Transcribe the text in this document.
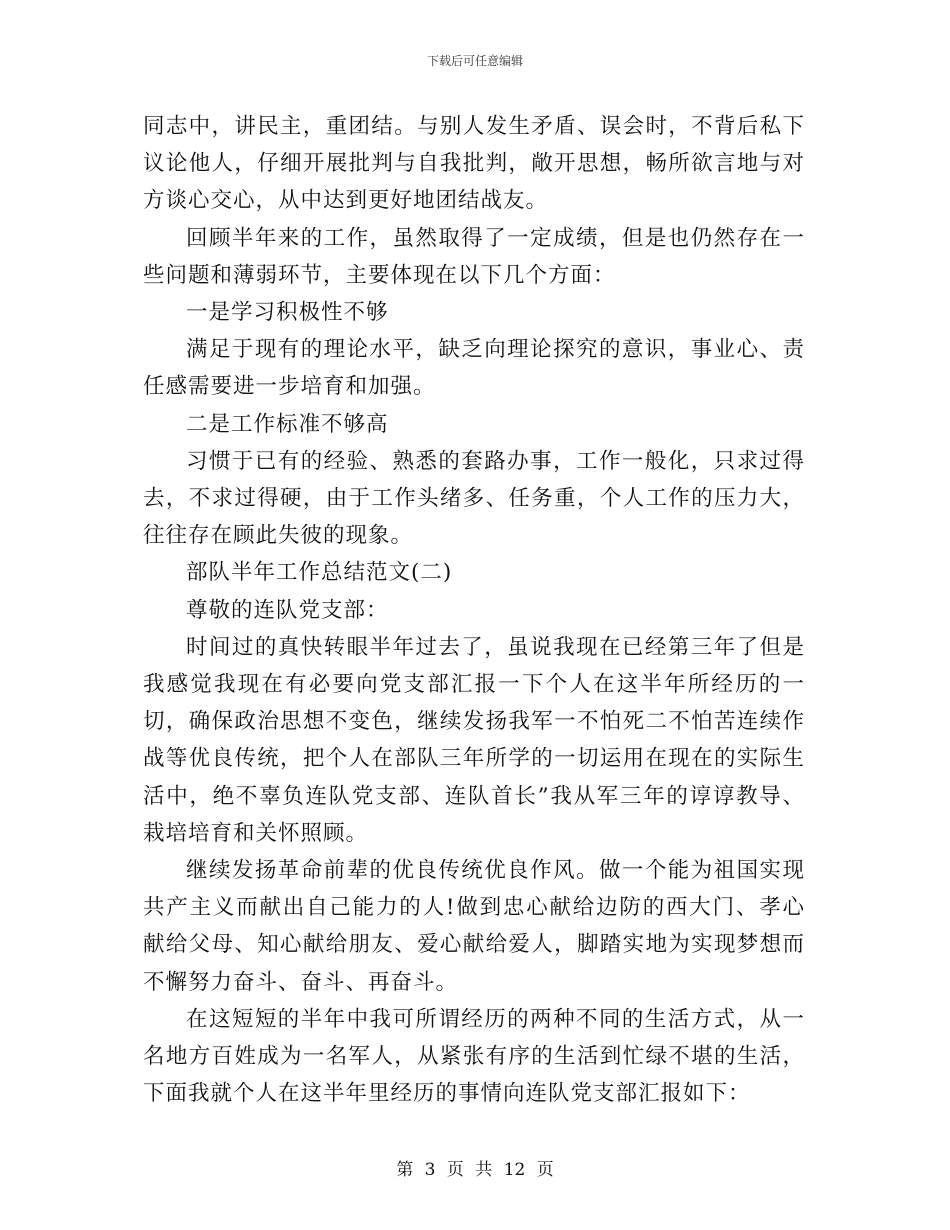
下载后可任意编辑

同志中，讲民主，重团结。与别人发生矛盾、误会时，不背后私下议论他人，仔细开展批判与自我批判，敞开思想，畅所欲言地与对方谈心交心，从中达到更好地团结战友。

回顾半年来的工作，虽然取得了一定成绩，但是也仍然存在一些问题和薄弱环节，主要体现在以下几个方面：

一是学习积极性不够

满足于现有的理论水平，缺乏向理论探究的意识，事业心、责任感需要进一步培育和加强。

二是工作标准不够高

习惯于已有的经验、熟悉的套路办事，工作一般化，只求过得去，不求过得硬，由于工作头绪多、任务重，个人工作的压力大，往往存在顾此失彼的现象。

部队半年工作总结范文(二)

尊敬的连队党支部：

时间过的真快转眼半年过去了，虽说我现在已经第三年了但是我感觉我现在有必要向党支部汇报一下个人在这半年所经历的一切，确保政治思想不变色，继续发扬我军一不怕死二不怕苦连续作战等优良传统，把个人在部队三年所学的一切运用在现在的实际生活中，绝不辜负连队党支部、连队首长”我从军三年的谆谆教导、栽培培育和关怀照顾。

继续发扬革命前辈的优良传统优良作风。做一个能为祖国实现共产主义而献出自己能力的人!做到忠心献给边防的西大门、孝心献给父母、知心献给朋友、爱心献给爱人，脚踏实地为实现梦想而不懈努力奋斗、奋斗、再奋斗。

在这短短的半年中我可所谓经历的两种不同的生活方式，从一名地方百姓成为一名军人，从紧张有序的生活到忙绿不堪的生活，下面我就个人在这半年里经历的事情向连队党支部汇报如下：

第 3 页 共 12 页
